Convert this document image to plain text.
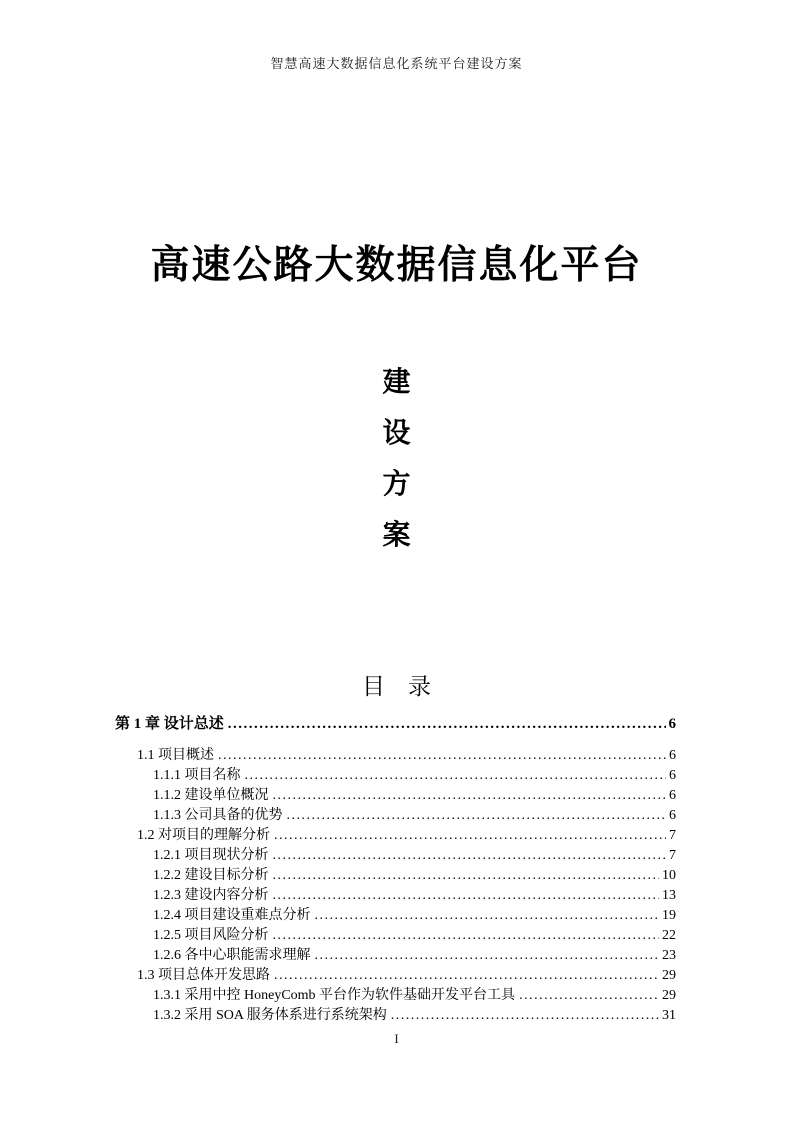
智慧高速大数据信息化系统平台建设方案
高速公路大数据信息化平台
建
设
方
案
目　录
第 1 章 设计总述 .....	6
1.1 项目概述 .....	6
1.1.1 项目名称 .....	6
1.1.2 建设单位概况 .....	6
1.1.3 公司具备的优势 .....	6
1.2 对项目的理解分析 .....	7
1.2.1 项目现状分析 .....	7
1.2.2 建设目标分析 .....	10
1.2.3 建设内容分析 .....	13
1.2.4 项目建设重难点分析 .....	19
1.2.5 项目风险分析 .....	22
1.2.6 各中心职能需求理解 .....	23
1.3 项目总体开发思路 .....	29
1.3.1 采用中控 HoneyComb 平台作为软件基础开发平台工具 .....	29
1.3.2 采用 SOA 服务体系进行系统架构 .....	31
I
